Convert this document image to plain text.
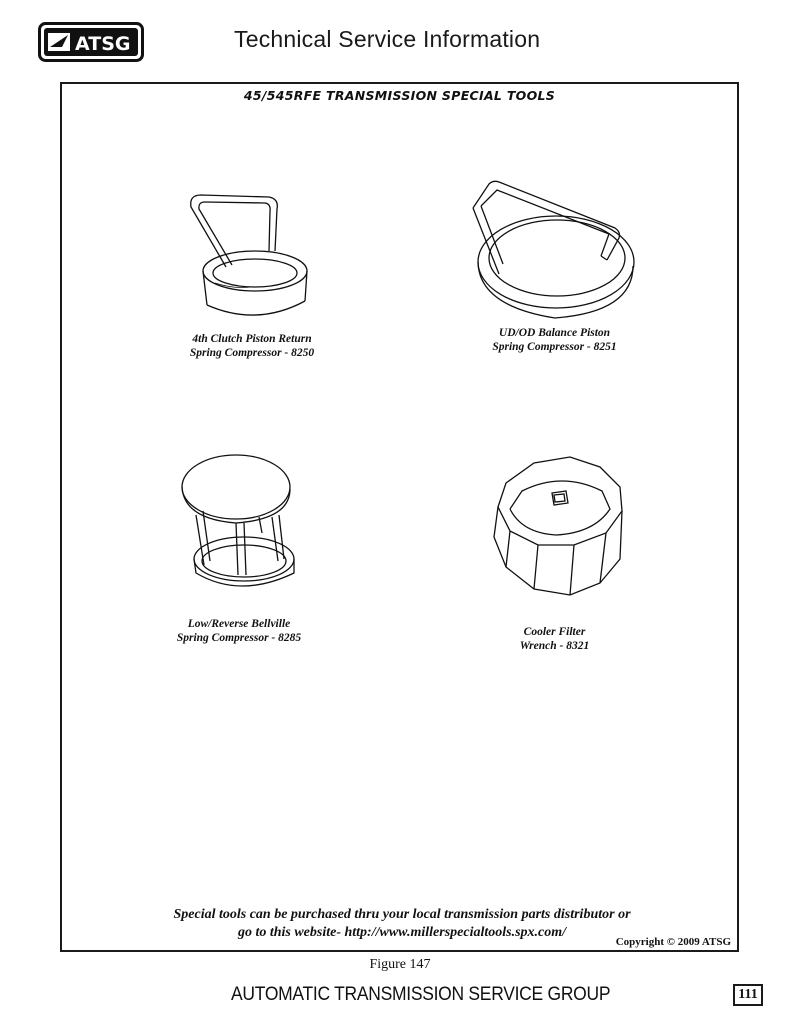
ATSG	Technical Service Information
45/545RFE TRANSMISSION SPECIAL TOOLS
4th Clutch Piston Return
Spring Compressor - 8250
UD/OD Balance Piston
Spring Compressor - 8251
Low/Reverse Bellville
Spring Compressor - 8285	Cooler Filter
Wrench - 8321
Special tools can be purchased thru your local transmission parts distributor or
go to this website- http://www.millerspecialtools.spx.com/
Copyright © 2009 ATSG
Figure 147
AUTOMATIC TRANSMISSION SERVICE GROUP	111
